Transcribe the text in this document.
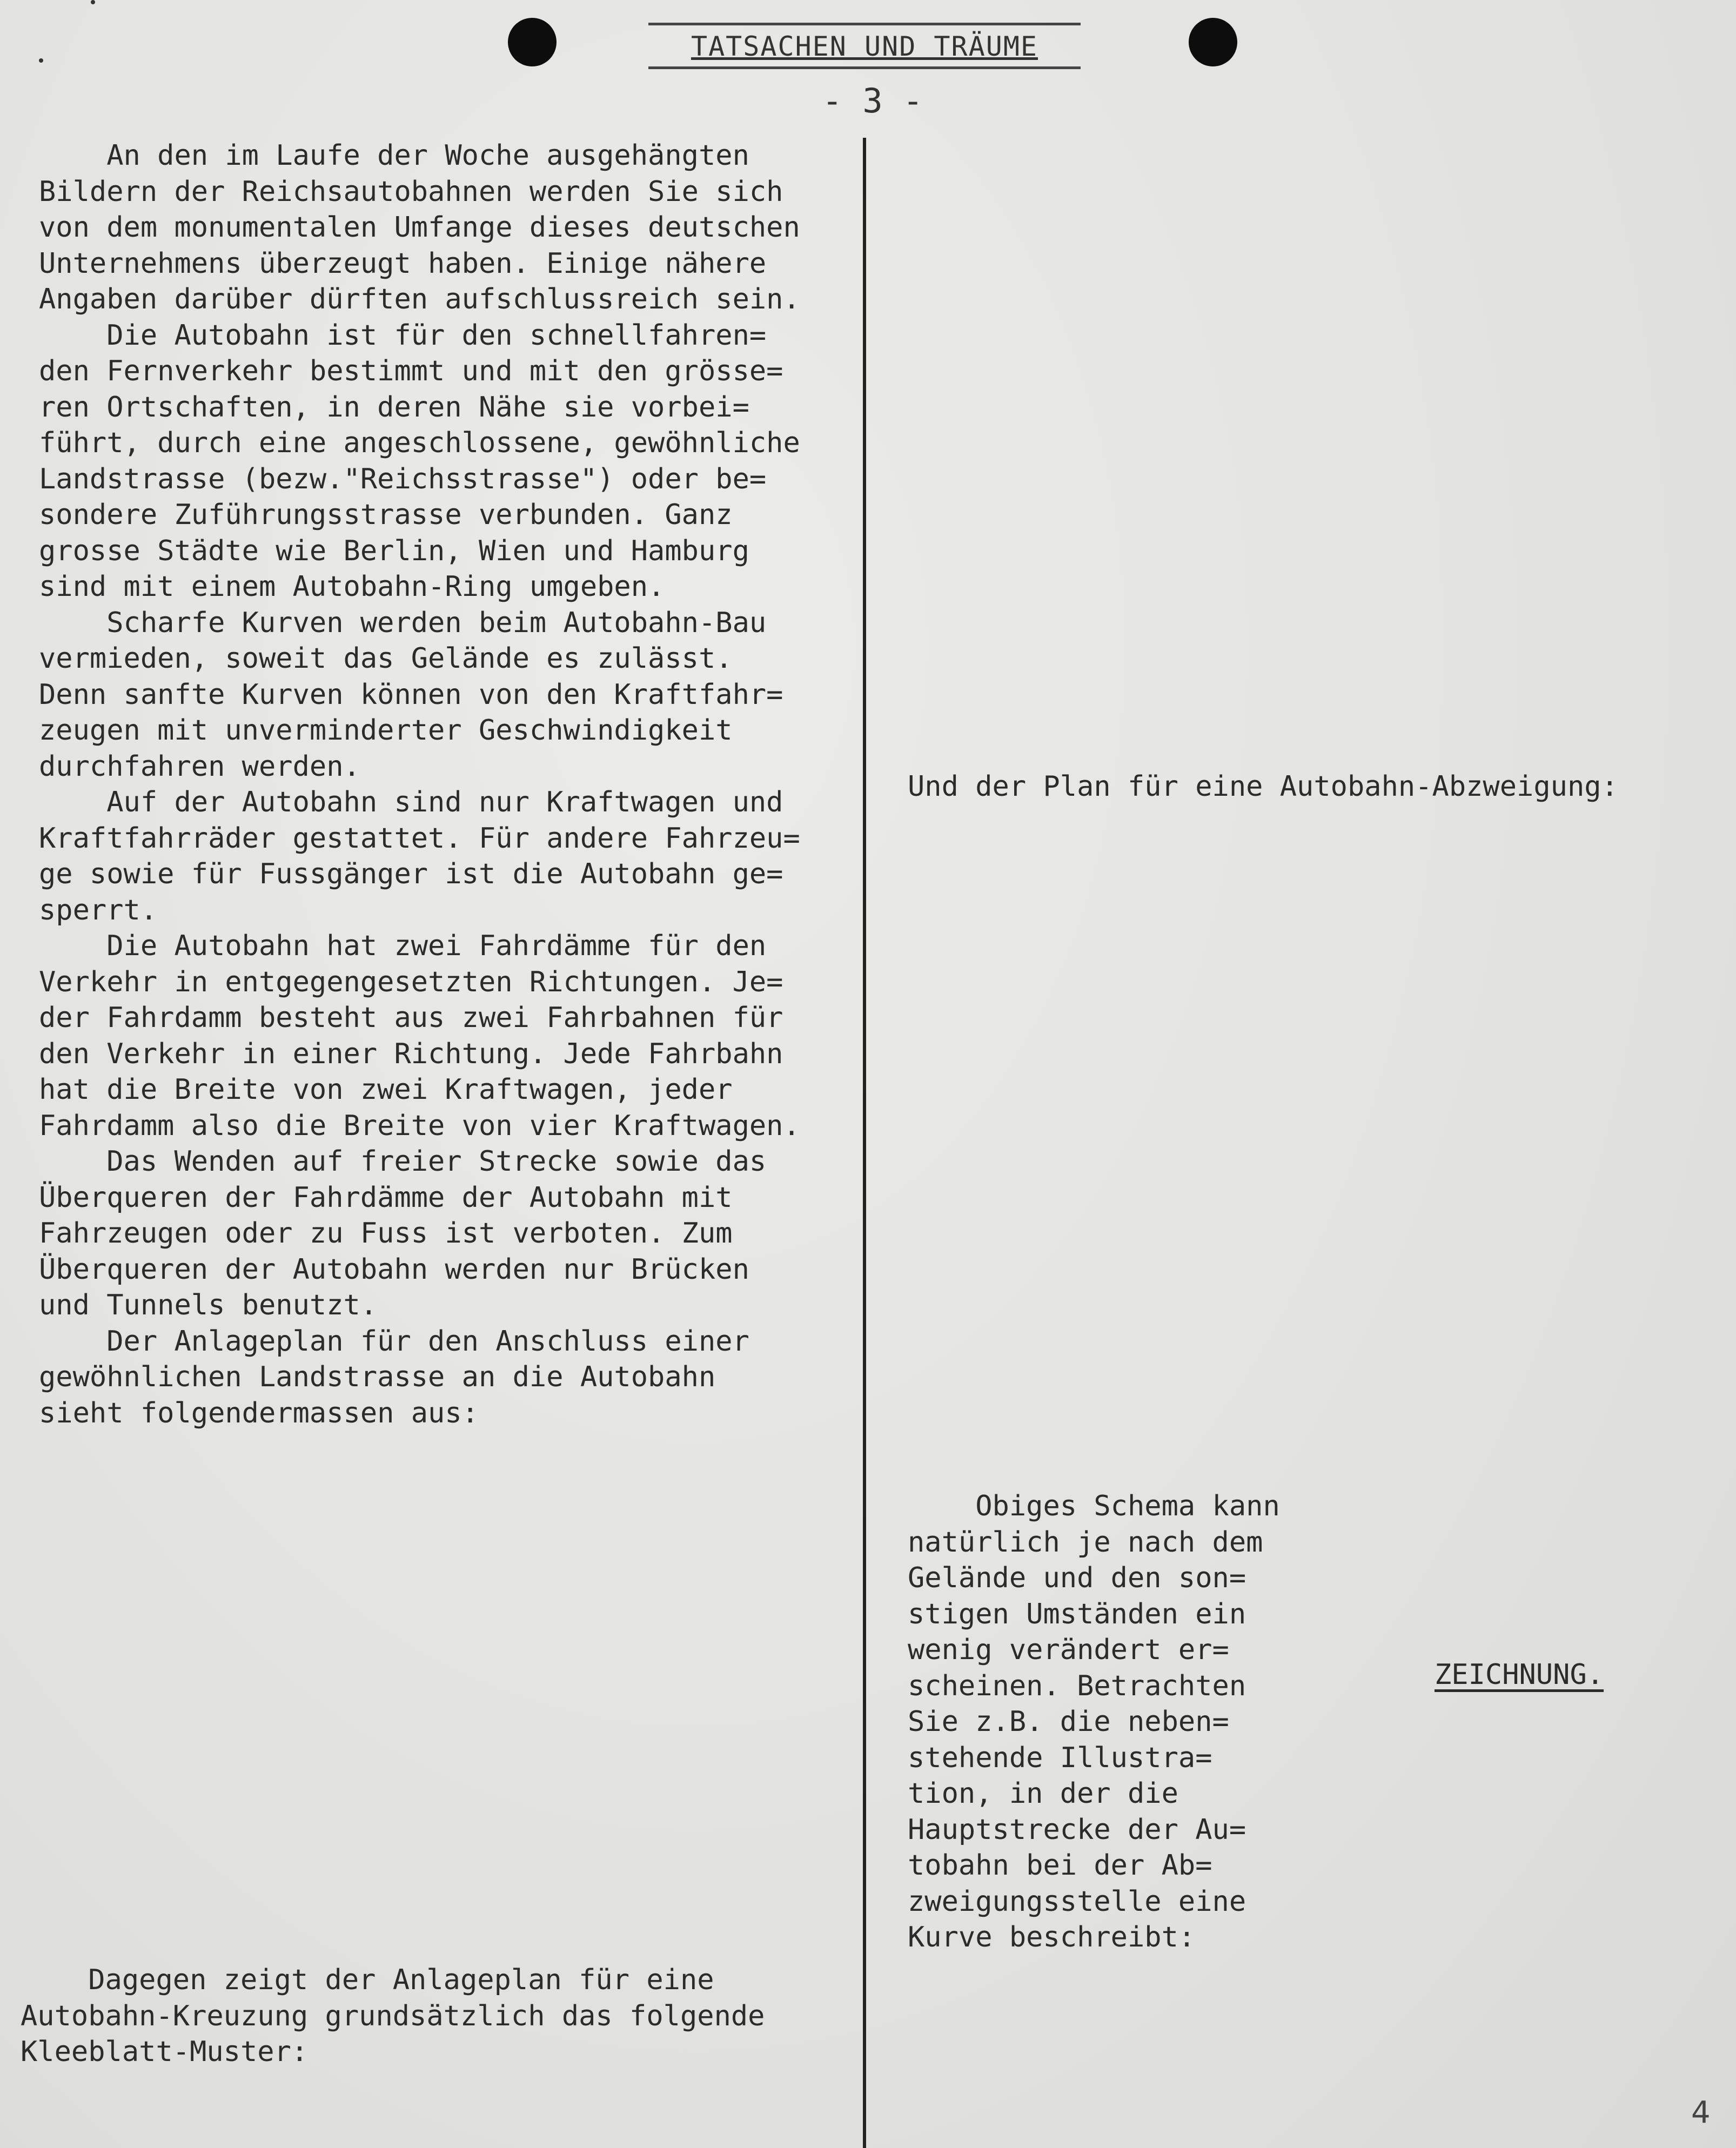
TATSACHEN UND TRÄUME
- 3 -
An den im Laufe der Woche ausgehängten
Bildern der Reichsautobahnen werden Sie sich
von dem monumentalen Umfange dieses deutschen
Unternehmens überzeugt haben. Einige nähere
Angaben darüber dürften aufschlussreich sein.
Die Autobahn ist für den schnellfahren=
den Fernverkehr bestimmt und mit den grösse=
ren Ortschaften, in deren Nähe sie vorbei=
führt, durch eine angeschlossene, gewöhnliche
Landstrasse (bezw."Reichsstrasse") oder be=
sondere Zuführungsstrasse verbunden. Ganz
grosse Städte wie Berlin, Wien und Hamburg
sind mit einem Autobahn-Ring umgeben.
Scharfe Kurven werden beim Autobahn-Bau
vermieden, soweit das Gelände es zulässt.
Denn sanfte Kurven können von den Kraftfahr=
zeugen mit unverminderter Geschwindigkeit
durchfahren werden.
Auf der Autobahn sind nur Kraftwagen und
Kraftfahrräder gestattet. Für andere Fahrzeu=
ge sowie für Fussgänger ist die Autobahn ge=
sperrt.
Die Autobahn hat zwei Fahrdämme für den
Verkehr in entgegengesetzten Richtungen. Je=
der Fahrdamm besteht aus zwei Fahrbahnen für
den Verkehr in einer Richtung. Jede Fahrbahn
hat die Breite von zwei Kraftwagen, jeder
Fahrdamm also die Breite von vier Kraftwagen.
Das Wenden auf freier Strecke sowie das
Überqueren der Fahrdämme der Autobahn mit
Fahrzeugen oder zu Fuss ist verboten. Zum
Überqueren der Autobahn werden nur Brücken
und Tunnels benutzt.
Der Anlageplan für den Anschluss einer
gewöhnlichen Landstrasse an die Autobahn
sieht folgendermassen aus:
Dagegen zeigt der Anlageplan für eine
Autobahn-Kreuzung grundsätzlich das folgende
Kleeblatt-Muster:
Und der Plan für eine Autobahn-Abzweigung:
Obiges Schema kann
natürlich je nach dem
Gelände und den son=
stigen Umständen ein
wenig verändert er=
scheinen. Betrachten
Sie z.B. die neben=
stehende Illustra=
tion, in der die
Hauptstrecke der Au=
tobahn bei der Ab=
zweigungsstelle eine
Kurve beschreibt:
ZEICHNUNG.
4
